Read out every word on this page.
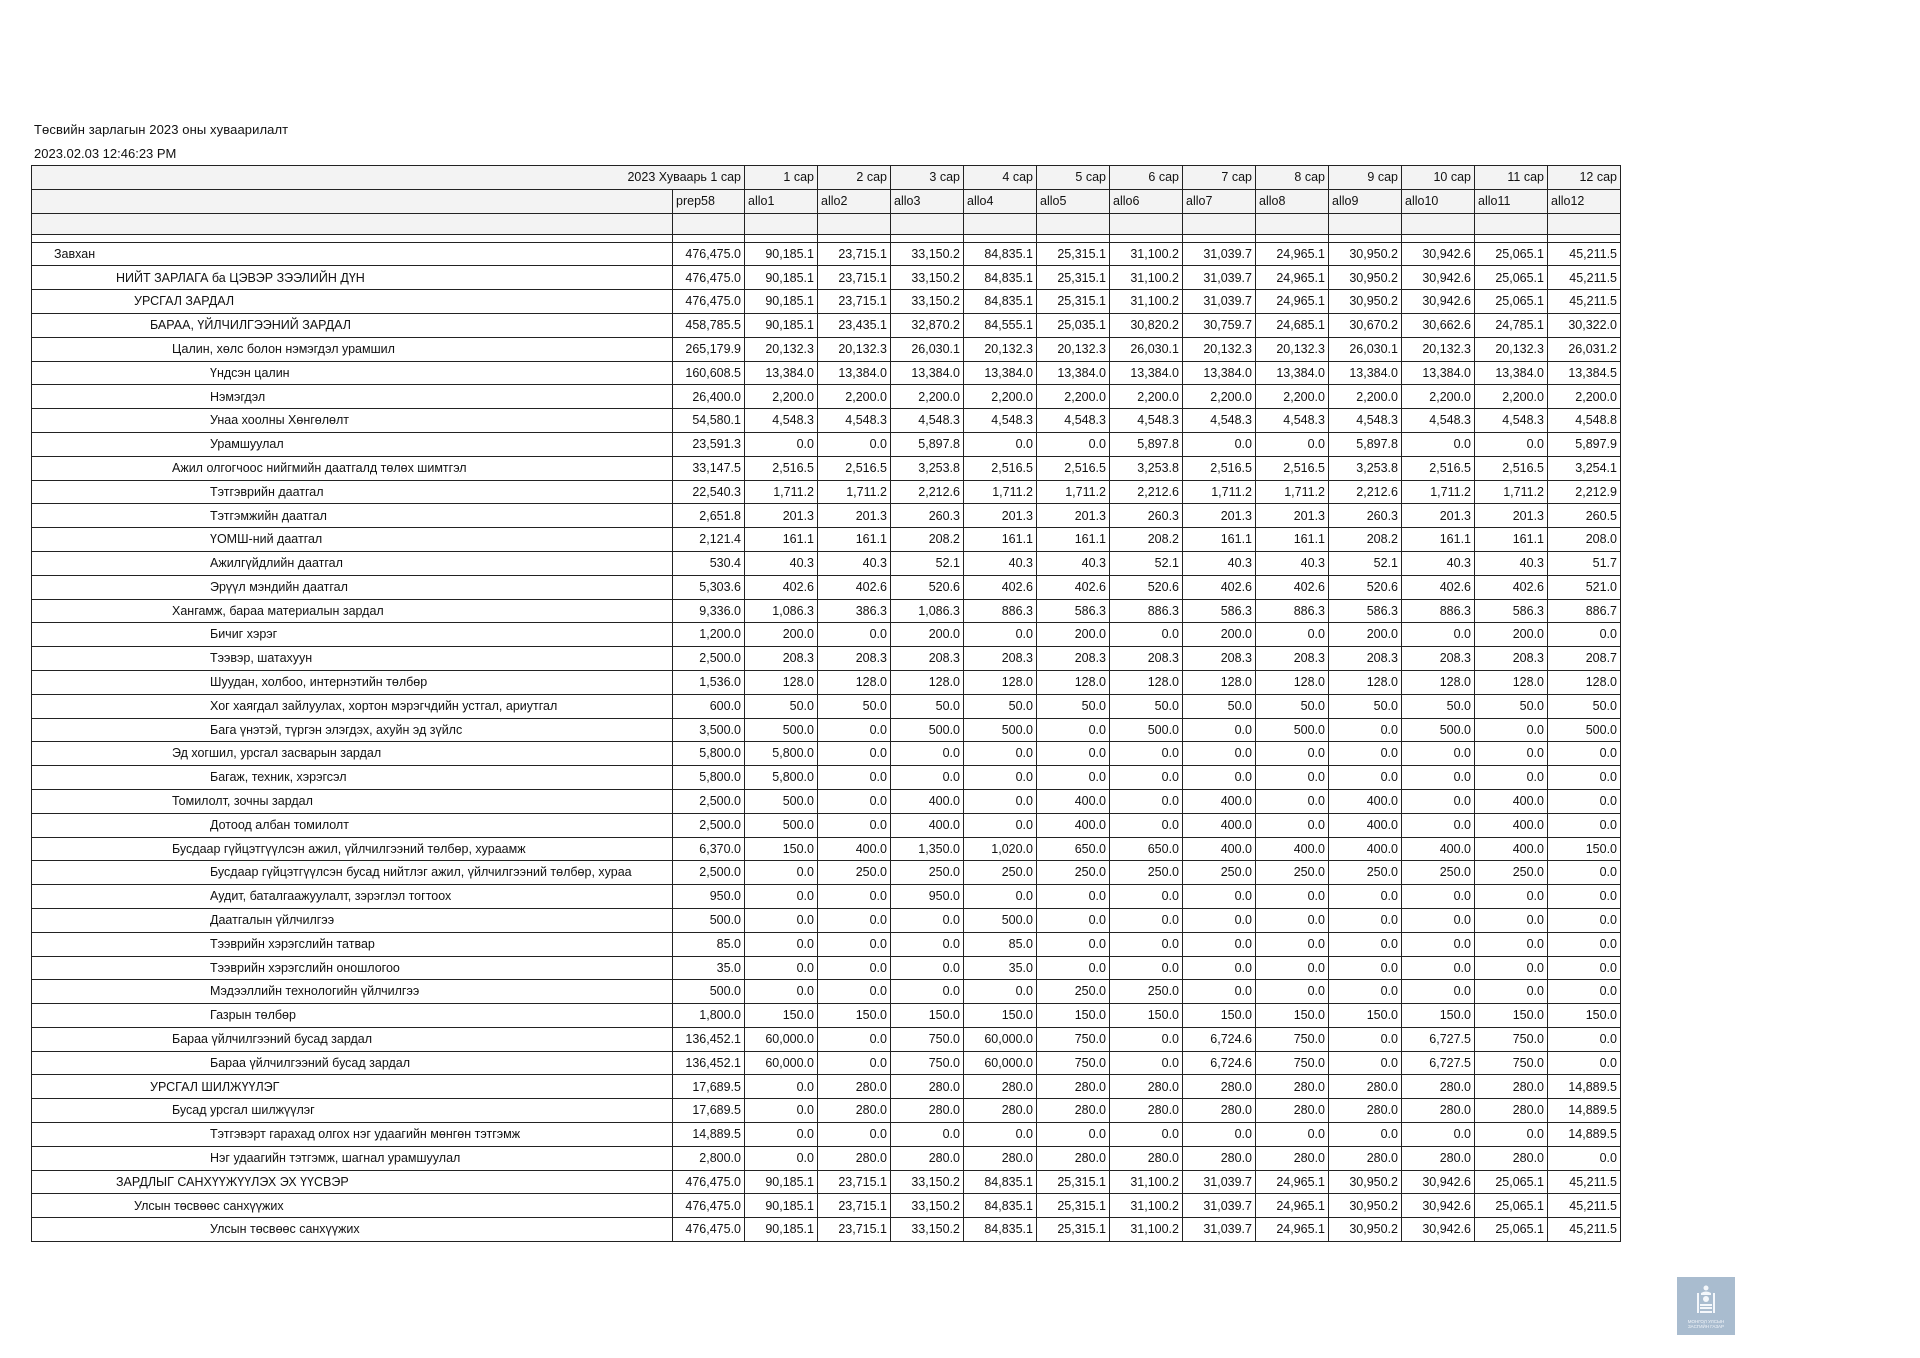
Төсвийн зарлагын 2023 оны хуваарилалт
2023.02.03 12:46:23 PM
2023 Хуваарь 1 сар		1 сар	2 сар	3 сар	4 сар	5 сар	6 сар	7 сар	8 сар	9 сар	10 сар	11 сар	12 сар
	prep58	allo1	allo2	allo3	allo4	allo5	allo6	allo7	allo8	allo9	allo10	allo11	allo12

Завхан	476,475.0	90,185.1	23,715.1	33,150.2	84,835.1	25,315.1	31,100.2	31,039.7	24,965.1	30,950.2	30,942.6	25,065.1	45,211.5
НИЙТ ЗАРЛАГА ба ЦЭВЭР ЗЭЭЛИЙН ДҮН	476,475.0	90,185.1	23,715.1	33,150.2	84,835.1	25,315.1	31,100.2	31,039.7	24,965.1	30,950.2	30,942.6	25,065.1	45,211.5
УРСГАЛ ЗАРДАЛ	476,475.0	90,185.1	23,715.1	33,150.2	84,835.1	25,315.1	31,100.2	31,039.7	24,965.1	30,950.2	30,942.6	25,065.1	45,211.5
БАРАА, ҮЙЛЧИЛГЭЭНИЙ ЗАРДАЛ	458,785.5	90,185.1	23,435.1	32,870.2	84,555.1	25,035.1	30,820.2	30,759.7	24,685.1	30,670.2	30,662.6	24,785.1	30,322.0
Цалин, хөлс болон нэмэгдэл урамшил	265,179.9	20,132.3	20,132.3	26,030.1	20,132.3	20,132.3	26,030.1	20,132.3	20,132.3	26,030.1	20,132.3	20,132.3	26,031.2
Үндсэн цалин	160,608.5	13,384.0	13,384.0	13,384.0	13,384.0	13,384.0	13,384.0	13,384.0	13,384.0	13,384.0	13,384.0	13,384.0	13,384.5
Нэмэгдэл	26,400.0	2,200.0	2,200.0	2,200.0	2,200.0	2,200.0	2,200.0	2,200.0	2,200.0	2,200.0	2,200.0	2,200.0	2,200.0
Унаа хоолны Хөнгөлөлт	54,580.1	4,548.3	4,548.3	4,548.3	4,548.3	4,548.3	4,548.3	4,548.3	4,548.3	4,548.3	4,548.3	4,548.3	4,548.8
Урамшуулал	23,591.3	0.0	0.0	5,897.8	0.0	0.0	5,897.8	0.0	0.0	5,897.8	0.0	0.0	5,897.9
Ажил олгогчоос нийгмийн даатгалд төлөх шимтгэл	33,147.5	2,516.5	2,516.5	3,253.8	2,516.5	2,516.5	3,253.8	2,516.5	2,516.5	3,253.8	2,516.5	2,516.5	3,254.1
Тэтгэврийн даатгал	22,540.3	1,711.2	1,711.2	2,212.6	1,711.2	1,711.2	2,212.6	1,711.2	1,711.2	2,212.6	1,711.2	1,711.2	2,212.9
Тэтгэмжийн даатгал	2,651.8	201.3	201.3	260.3	201.3	201.3	260.3	201.3	201.3	260.3	201.3	201.3	260.5
ҮОМШ-ний даатгал	2,121.4	161.1	161.1	208.2	161.1	161.1	208.2	161.1	161.1	208.2	161.1	161.1	208.0
Ажилгүйдлийн даатгал	530.4	40.3	40.3	52.1	40.3	40.3	52.1	40.3	40.3	52.1	40.3	40.3	51.7
Эрүүл мэндийн даатгал	5,303.6	402.6	402.6	520.6	402.6	402.6	520.6	402.6	402.6	520.6	402.6	402.6	521.0
Хангамж, бараа материалын зардал	9,336.0	1,086.3	386.3	1,086.3	886.3	586.3	886.3	586.3	886.3	586.3	886.3	586.3	886.7
Бичиг хэрэг	1,200.0	200.0	0.0	200.0	0.0	200.0	0.0	200.0	0.0	200.0	0.0	200.0	0.0
Тээвэр, шатахуун	2,500.0	208.3	208.3	208.3	208.3	208.3	208.3	208.3	208.3	208.3	208.3	208.3	208.7
Шуудан, холбоо, интернэтийн төлбөр	1,536.0	128.0	128.0	128.0	128.0	128.0	128.0	128.0	128.0	128.0	128.0	128.0	128.0
Хог хаягдал зайлуулах, хортон мэрэгчдийн устгал, ариутгал	600.0	50.0	50.0	50.0	50.0	50.0	50.0	50.0	50.0	50.0	50.0	50.0	50.0
Бага үнэтэй, түргэн элэгдэх, ахуйн эд зүйлс	3,500.0	500.0	0.0	500.0	500.0	0.0	500.0	0.0	500.0	0.0	500.0	0.0	500.0
Эд хогшил, урсгал засварын зардал	5,800.0	5,800.0	0.0	0.0	0.0	0.0	0.0	0.0	0.0	0.0	0.0	0.0	0.0
Багаж, техник, хэрэгсэл	5,800.0	5,800.0	0.0	0.0	0.0	0.0	0.0	0.0	0.0	0.0	0.0	0.0	0.0
Томилолт, зочны зардал	2,500.0	500.0	0.0	400.0	0.0	400.0	0.0	400.0	0.0	400.0	0.0	400.0	0.0
Дотоод албан томилолт	2,500.0	500.0	0.0	400.0	0.0	400.0	0.0	400.0	0.0	400.0	0.0	400.0	0.0
Бусдаар гүйцэтгүүлсэн ажил, үйлчилгээний төлбөр, хураамж	6,370.0	150.0	400.0	1,350.0	1,020.0	650.0	650.0	400.0	400.0	400.0	400.0	400.0	150.0
Бусдаар гүйцэтгүүлсэн бусад нийтлэг ажил, үйлчилгээний төлбөр, хураа	2,500.0	0.0	250.0	250.0	250.0	250.0	250.0	250.0	250.0	250.0	250.0	250.0	0.0
Аудит, баталгаажуулалт, зэрэглэл тогтоох	950.0	0.0	0.0	950.0	0.0	0.0	0.0	0.0	0.0	0.0	0.0	0.0	0.0
Даатгалын үйлчилгээ	500.0	0.0	0.0	0.0	500.0	0.0	0.0	0.0	0.0	0.0	0.0	0.0	0.0
Тээврийн хэрэгслийн татвар	85.0	0.0	0.0	0.0	85.0	0.0	0.0	0.0	0.0	0.0	0.0	0.0	0.0
Тээврийн хэрэгслийн оношлогоо	35.0	0.0	0.0	0.0	35.0	0.0	0.0	0.0	0.0	0.0	0.0	0.0	0.0
Мэдээллийн технологийн үйлчилгээ	500.0	0.0	0.0	0.0	0.0	250.0	250.0	0.0	0.0	0.0	0.0	0.0	0.0
Газрын төлбөр	1,800.0	150.0	150.0	150.0	150.0	150.0	150.0	150.0	150.0	150.0	150.0	150.0	150.0
Бараа үйлчилгээний бусад зардал	136,452.1	60,000.0	0.0	750.0	60,000.0	750.0	0.0	6,724.6	750.0	0.0	6,727.5	750.0	0.0
Бараа үйлчилгээний бусад зардал	136,452.1	60,000.0	0.0	750.0	60,000.0	750.0	0.0	6,724.6	750.0	0.0	6,727.5	750.0	0.0
УРСГАЛ ШИЛЖҮҮЛЭГ	17,689.5	0.0	280.0	280.0	280.0	280.0	280.0	280.0	280.0	280.0	280.0	280.0	14,889.5
Бусад урсгал шилжүүлэг	17,689.5	0.0	280.0	280.0	280.0	280.0	280.0	280.0	280.0	280.0	280.0	280.0	14,889.5
Тэтгэвэрт гарахад олгох нэг удаагийн мөнгөн тэтгэмж	14,889.5	0.0	0.0	0.0	0.0	0.0	0.0	0.0	0.0	0.0	0.0	0.0	14,889.5
Нэг удаагийн тэтгэмж, шагнал урамшуулал	2,800.0	0.0	280.0	280.0	280.0	280.0	280.0	280.0	280.0	280.0	280.0	280.0	0.0
ЗАРДЛЫГ САНХҮҮЖҮҮЛЭХ ЭХ ҮҮСВЭР	476,475.0	90,185.1	23,715.1	33,150.2	84,835.1	25,315.1	31,100.2	31,039.7	24,965.1	30,950.2	30,942.6	25,065.1	45,211.5
Улсын төсвөөс санхүүжих	476,475.0	90,185.1	23,715.1	33,150.2	84,835.1	25,315.1	31,100.2	31,039.7	24,965.1	30,950.2	30,942.6	25,065.1	45,211.5
Улсын төсвөөс санхүүжих	476,475.0	90,185.1	23,715.1	33,150.2	84,835.1	25,315.1	31,100.2	31,039.7	24,965.1	30,950.2	30,942.6	25,065.1	45,211.5
МОНГОЛ УЛСЫН ЗАСГИЙН ГАЗАР
